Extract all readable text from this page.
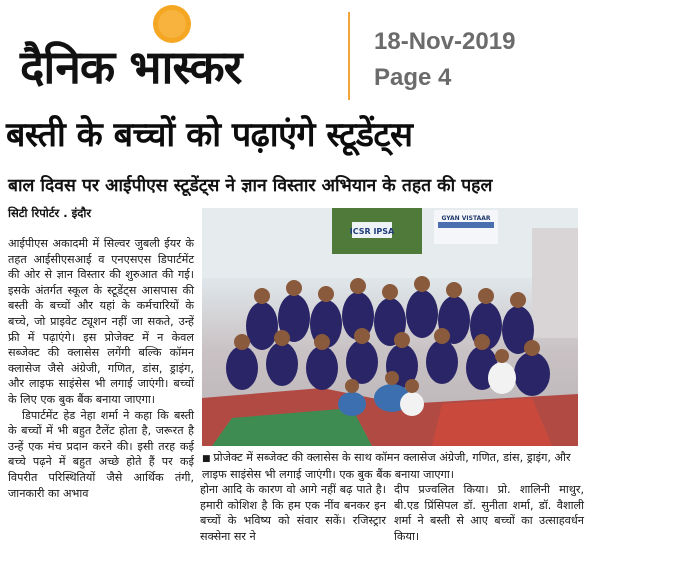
दैनिक भास्कर	18-Nov-2019
Page 4
बस्ती के बच्चों को पढ़ाएंगे स्टूडेंट्स
बाल दिवस पर आईपीएस स्टूडेंट्स ने ज्ञान विस्तार अभियान के तहत की पहल
सिटी रिपोर्टर . इंदौर

आईपीएस अकादमी में सिल्वर जुबली ईयर के तहत आईसीएसआई व एनएसएस डिपार्टमेंट की ओर से ज्ञान विस्तार की शुरुआत की गई। इसके अंतर्गत स्कूल के स्टूडेंट्स आसपास की बस्ती के बच्चों और यहां के कर्मचारियों के बच्चे, जो प्राइवेट ट्यूशन नहीं जा सकते, उन्हें फ्री में पढ़ाएंगे। इस प्रोजेक्ट में न केवल सब्जेक्ट की क्लासेस लगेंगी बल्कि कॉमन क्लासेज जैसे अंग्रेजी, गणित, डांस, ड्राइंग, और लाइफ साइंसेस भी लगाई जाएंगी। बच्चों के लिए एक बुक बैंक बनाया जाएगा।

डिपार्टमेंट हेड नेहा शर्मा ने कहा कि बस्ती के बच्चों में भी बहुत टैलेंट होता है, जरूरत है उन्हें एक मंच प्रदान करने की। इसी तरह कई बच्चे पढ़ने में बहुत अच्छे होते हैं पर कई विपरीत परिस्थितियों जैसे आर्थिक तंगी, जानकारी का अभाव

ICSR IPSA
GYAN VISTAAR
■ प्रोजेक्ट में सब्जेक्ट की क्लासेस के साथ कॉमन क्लासेज अंग्रेजी, गणित, डांस, ड्राइंग, और लाइफ साइंसेस भी लगाई जाएंगी। एक बुक बैंक बनाया जाएगा।

होना आदि के कारण वो आगे नहीं बढ़ पाते है। हमारी कोशिश है कि हम एक नींव बनकर इन बच्चों के भविष्य को संवार सकें। रजिस्ट्रार सक्सेना सर ने

दीप प्रज्वलित किया। प्रो. शालिनी माथुर, बी.एड प्रिंसिपल डॉ. सुनीता शर्मा, डॉ. वैशाली शर्मा ने बस्ती से आए बच्चों का उत्साहवर्धन किया।
